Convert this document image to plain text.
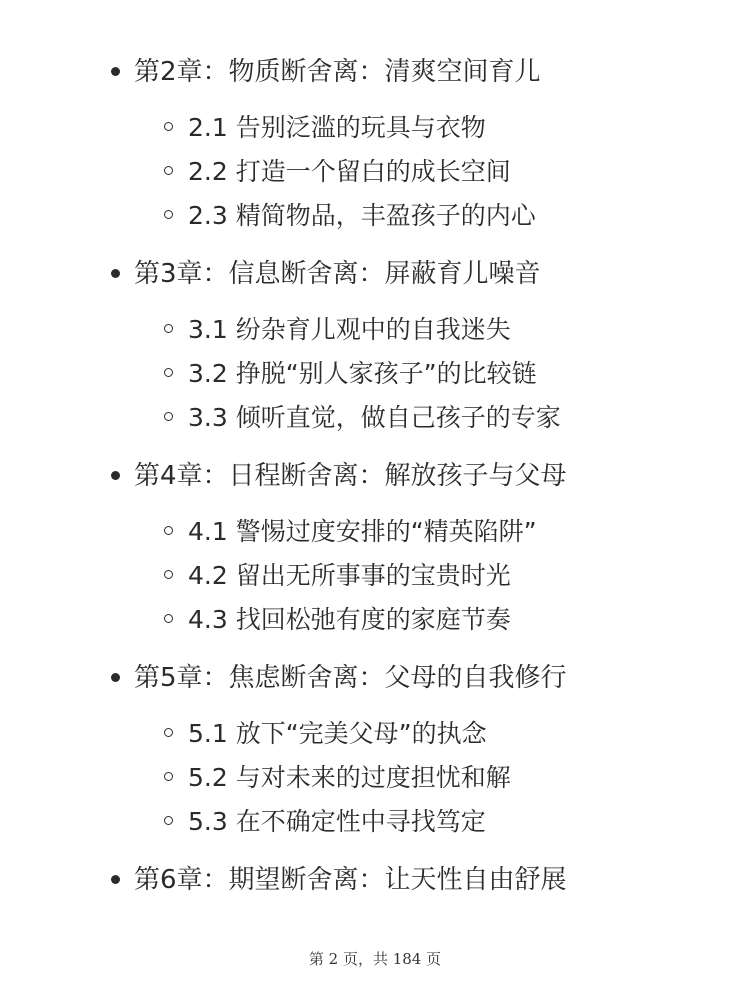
第2章：物质断舍离：清爽空间育儿
2.1 告别泛滥的玩具与衣物
2.2 打造一个留白的成长空间
2.3 精简物品，丰盈孩子的内心
第3章：信息断舍离：屏蔽育儿噪音
3.1 纷杂育儿观中的自我迷失
3.2 挣脱“别人家孩子”的比较链
3.3 倾听直觉，做自己孩子的专家
第4章：日程断舍离：解放孩子与父母
4.1 警惕过度安排的“精英陷阱”
4.2 留出无所事事的宝贵时光
4.3 找回松弛有度的家庭节奏
第5章：焦虑断舍离：父母的自我修行
5.1 放下“完美父母”的执念
5.2 与对未来的过度担忧和解
5.3 在不确定性中寻找笃定
第6章：期望断舍离：让天性自由舒展
第 2 页，共 184 页
